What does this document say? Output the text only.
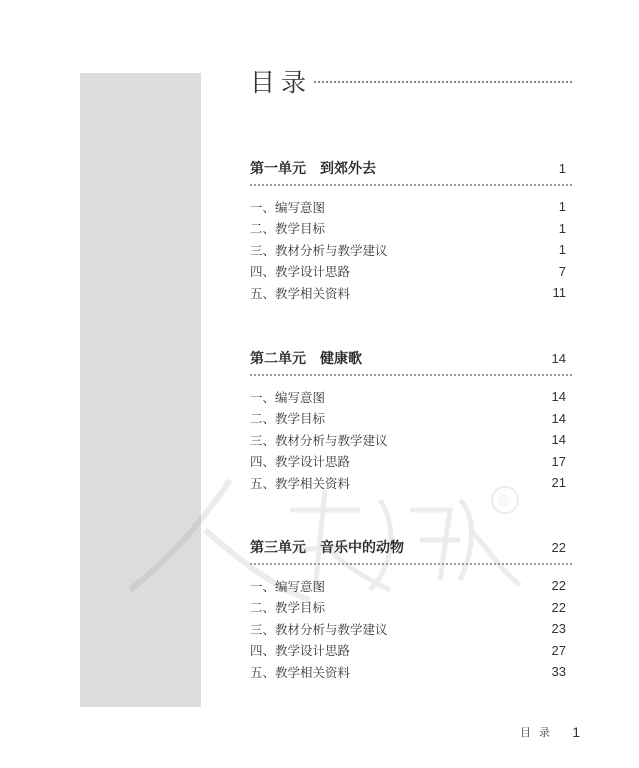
®
目录
第一单元 到郊外去	1
一、编写意图	1
二、教学目标	1
三、教材分析与教学建议	1
四、教学设计思路	7
五、教学相关资料	11
第二单元 健康歌	14
一、编写意图	14
二、教学目标	14
三、教材分析与教学建议	14
四、教学设计思路	17
五、教学相关资料	21
第三单元 音乐中的动物	22
一、编写意图	22
二、教学目标	22
三、教材分析与教学建议	23
四、教学设计思路	27
五、教学相关资料	33
目录 1
